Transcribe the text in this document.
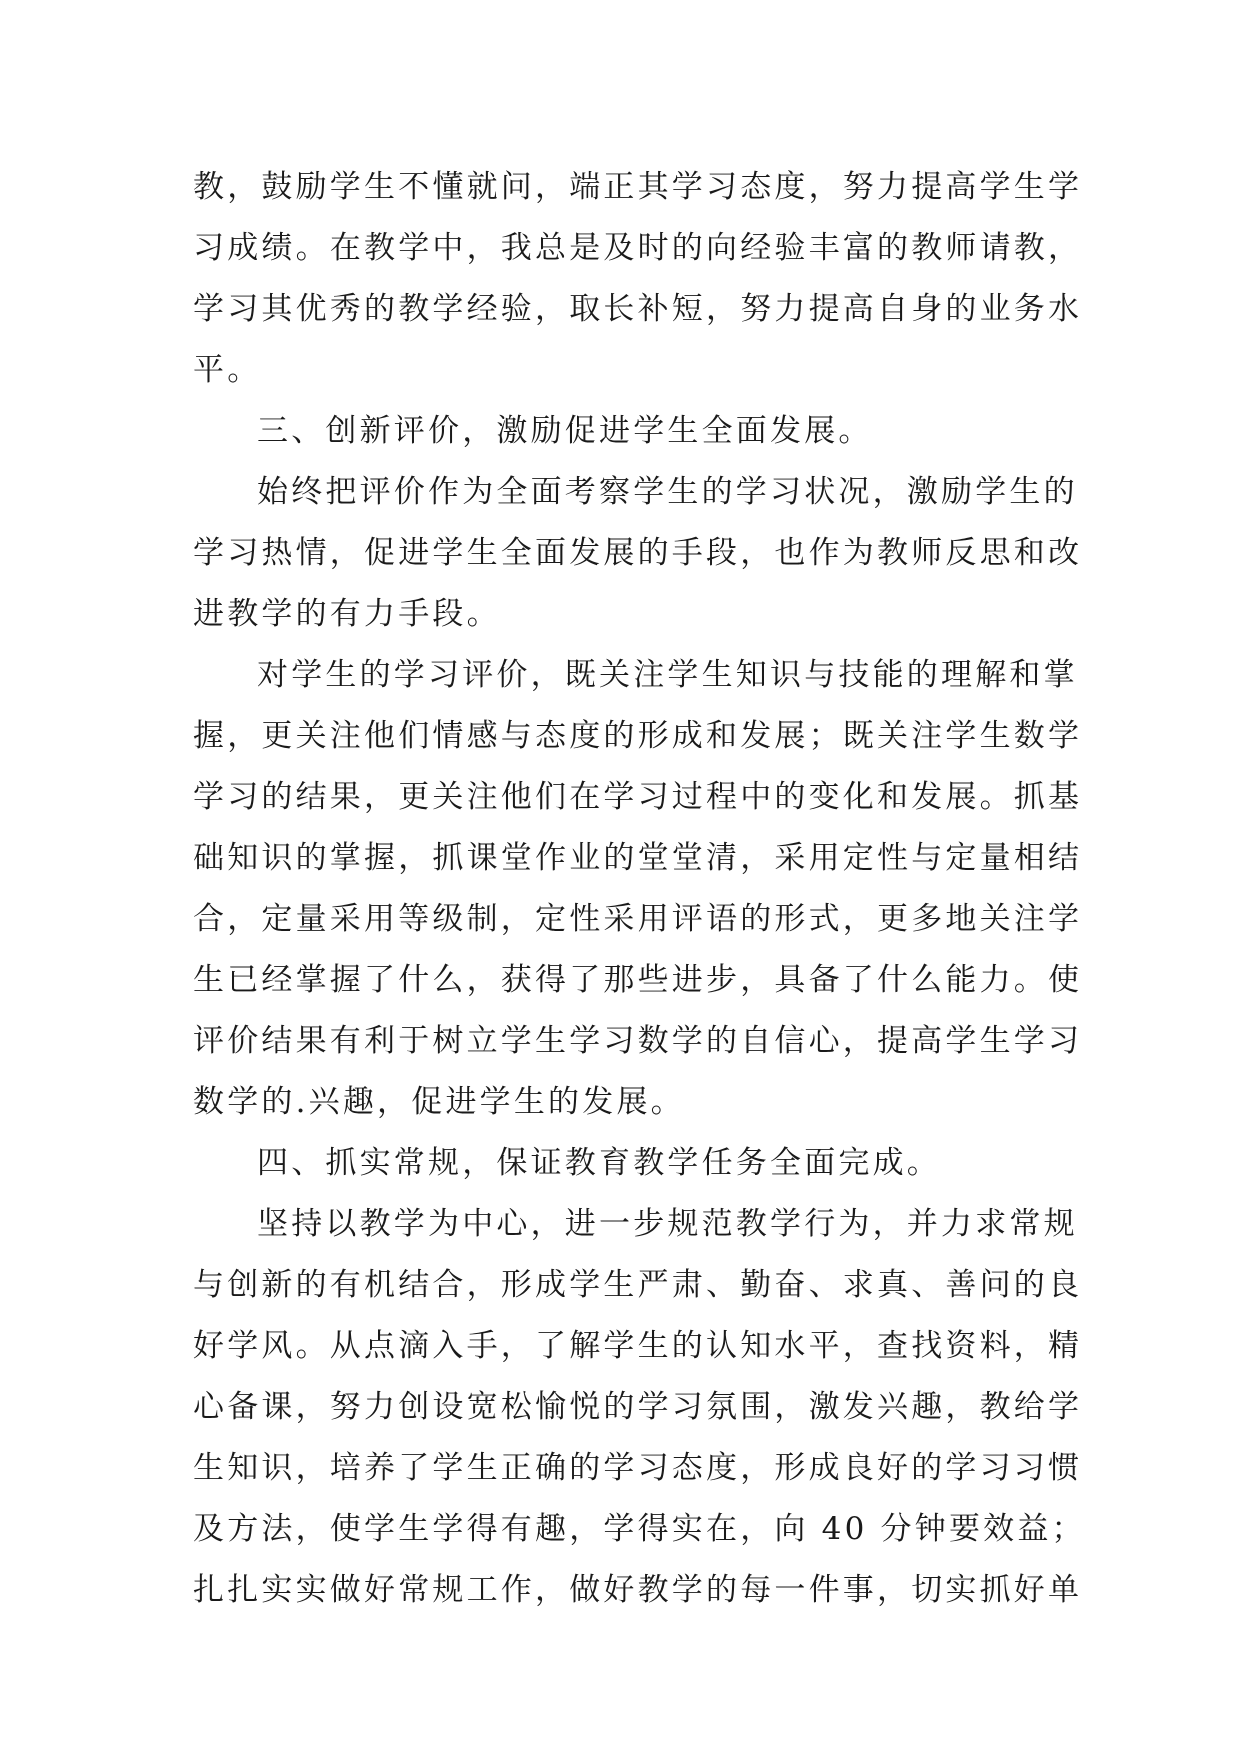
教，鼓励学生不懂就问，端正其学习态度，努力提高学生学
习成绩。在教学中，我总是及时的向经验丰富的教师请教，
学习其优秀的教学经验，取长补短，努力提高自身的业务水
平。
三、创新评价，激励促进学生全面发展。
始终把评价作为全面考察学生的学习状况，激励学生的
学习热情，促进学生全面发展的手段，也作为教师反思和改
进教学的有力手段。
对学生的学习评价，既关注学生知识与技能的理解和掌
握，更关注他们情感与态度的形成和发展；既关注学生数学
学习的结果，更关注他们在学习过程中的变化和发展。抓基
础知识的掌握，抓课堂作业的堂堂清，采用定性与定量相结
合，定量采用等级制，定性采用评语的形式，更多地关注学
生已经掌握了什么，获得了那些进步，具备了什么能力。使
评价结果有利于树立学生学习数学的自信心，提高学生学习
数学的.兴趣，促进学生的发展。
四、抓实常规，保证教育教学任务全面完成。
坚持以教学为中心，进一步规范教学行为，并力求常规
与创新的有机结合，形成学生严肃、勤奋、求真、善问的良
好学风。从点滴入手，了解学生的认知水平，查找资料，精
心备课，努力创设宽松愉悦的学习氛围，激发兴趣，教给学
生知识，培养了学生正确的学习态度，形成良好的学习习惯
及方法，使学生学得有趣，学得实在，向 40 分钟要效益；
扎扎实实做好常规工作，做好教学的每一件事，切实抓好单
